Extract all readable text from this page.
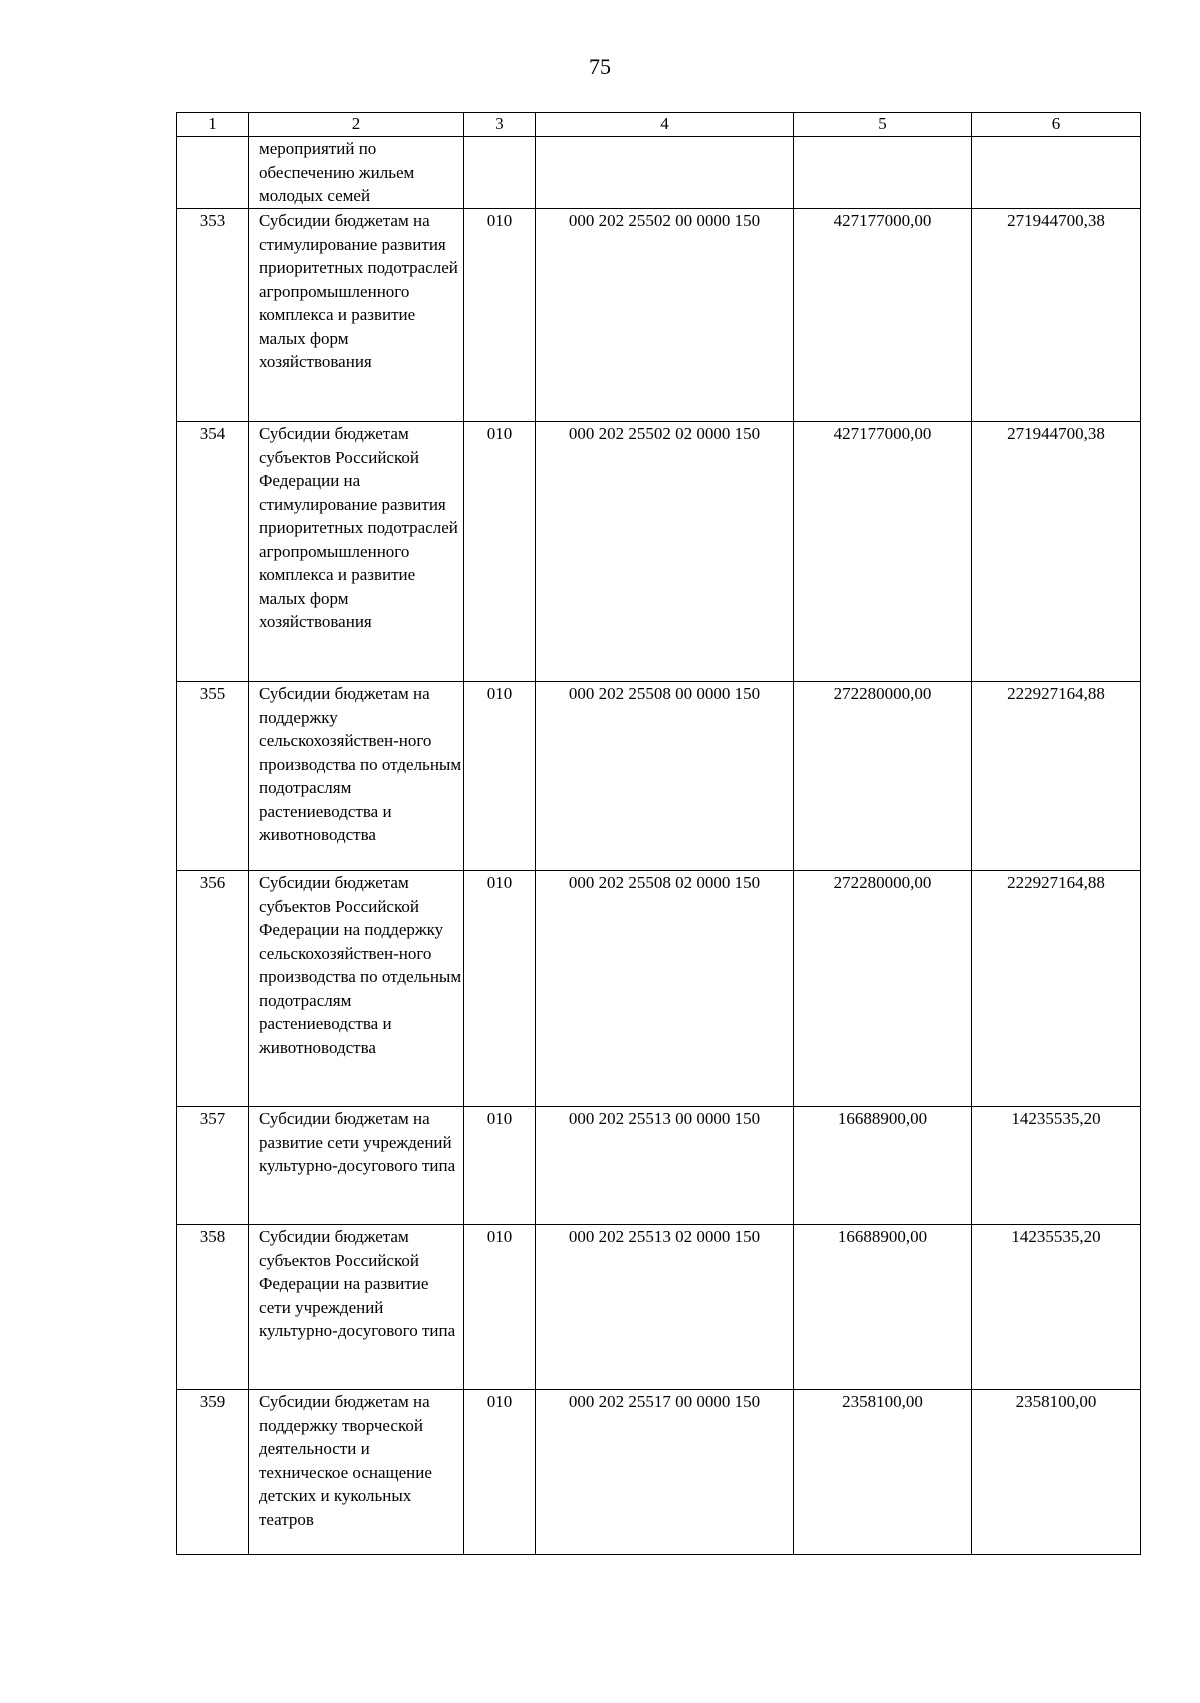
75
1	2	3	4	5	6
	мероприятий по обеспечению жильем молодых семей				
353	Субсидии бюджетам на стимулирование развития приоритетных подотраслей агропромышленного комплекса и развитие малых форм хозяйствования	010	000 202 25502 00 0000 150	427177000,00	271944700,38
354	Субсидии бюджетам субъектов Российской Федерации на стимулирование развития приоритетных подотраслей агропромышленного комплекса и развитие малых форм хозяйствования	010	000 202 25502 02 0000 150	427177000,00	271944700,38
355	Субсидии бюджетам на поддержку сельскохозяйствен-ного производства по отдельным подотраслям растениеводства и животноводства	010	000 202 25508 00 0000 150	272280000,00	222927164,88
356	Субсидии бюджетам субъектов Российской Федерации на поддержку сельскохозяйствен-ного производства по отдельным подотраслям растениеводства и животноводства	010	000 202 25508 02 0000 150	272280000,00	222927164,88
357	Субсидии бюджетам на развитие сети учреждений культурно-досугового типа	010	000 202 25513 00 0000 150	16688900,00	14235535,20
358	Субсидии бюджетам субъектов Российской Федерации на развитие сети учреждений культурно-досугового типа	010	000 202 25513 02 0000 150	16688900,00	14235535,20
359	Субсидии бюджетам на поддержку творческой деятельности и техническое оснащение детских и кукольных театров	010	000 202 25517 00 0000 150	2358100,00	2358100,00
